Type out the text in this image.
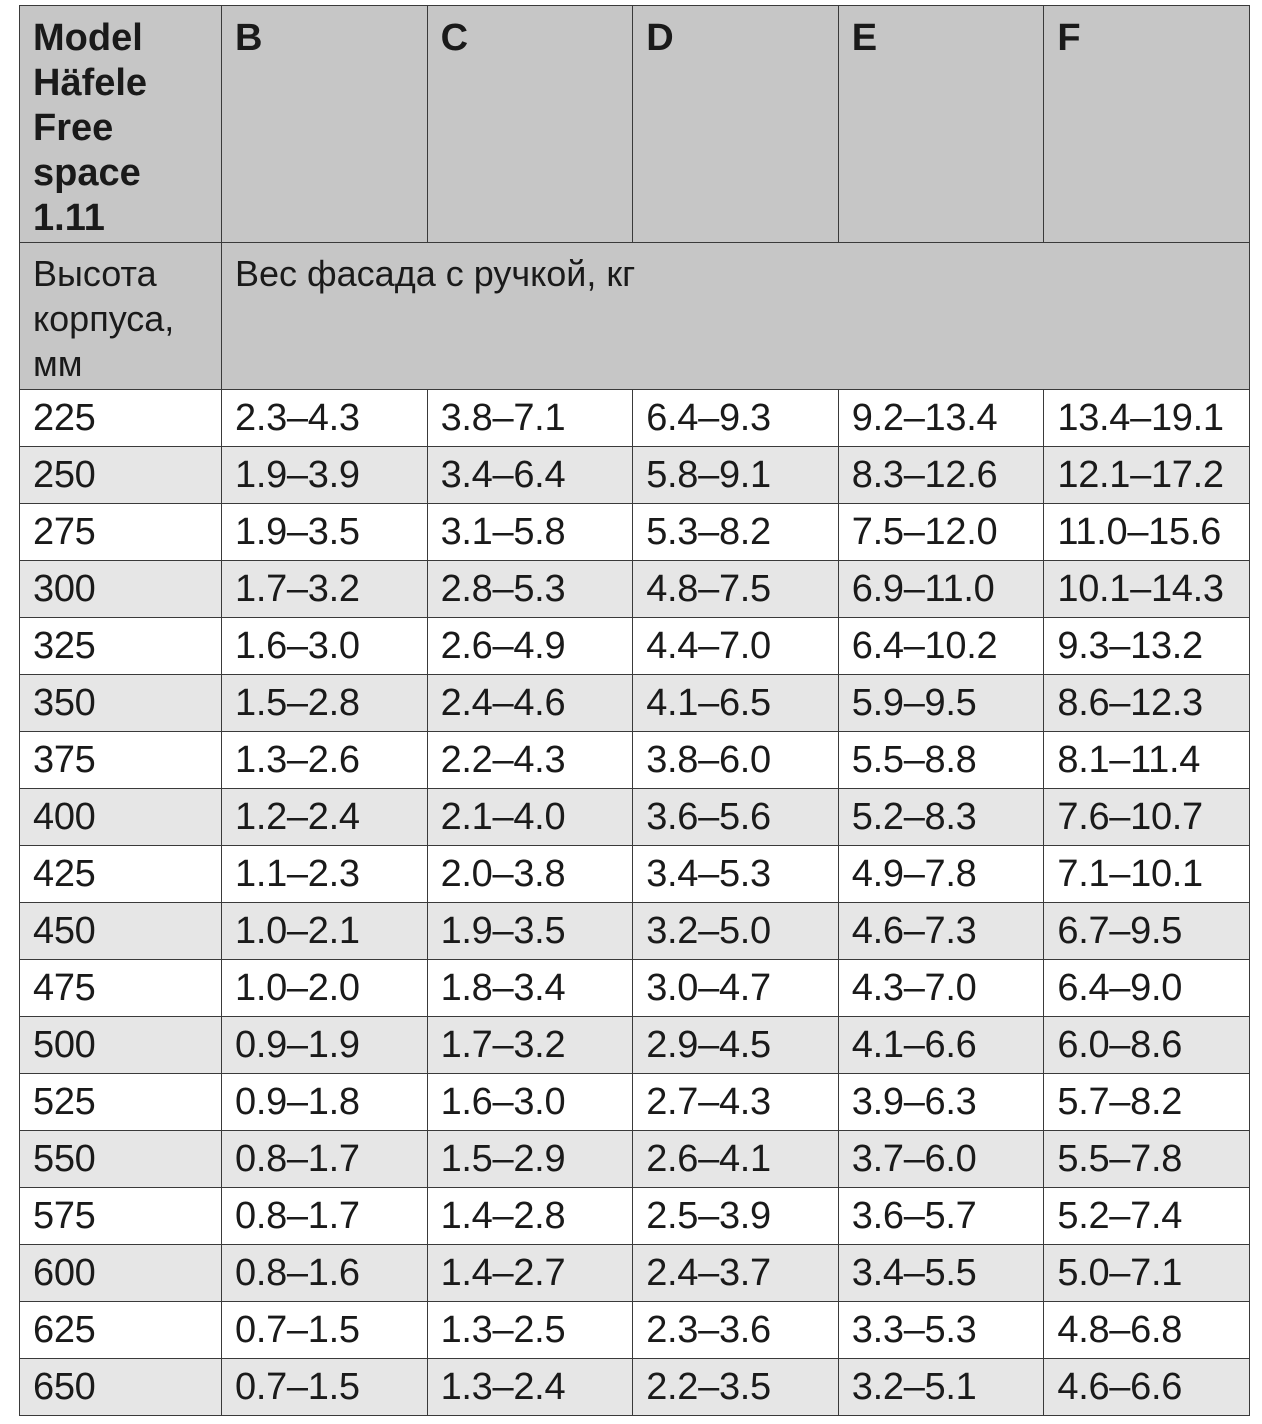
Model Häfele Free space 1.11	B	C	D	E	F
Высота корпуса, мм	Вес фасада с ручкой, кг				
225	2.3–4.3	3.8–7.1	6.4–9.3	9.2–13.4	13.4–19.1
250	1.9–3.9	3.4–6.4	5.8–9.1	8.3–12.6	12.1–17.2
275	1.9–3.5	3.1–5.8	5.3–8.2	7.5–12.0	11.0–15.6
300	1.7–3.2	2.8–5.3	4.8–7.5	6.9–11.0	10.1–14.3
325	1.6–3.0	2.6–4.9	4.4–7.0	6.4–10.2	9.3–13.2
350	1.5–2.8	2.4–4.6	4.1–6.5	5.9–9.5	8.6–12.3
375	1.3–2.6	2.2–4.3	3.8–6.0	5.5–8.8	8.1–11.4
400	1.2–2.4	2.1–4.0	3.6–5.6	5.2–8.3	7.6–10.7
425	1.1–2.3	2.0–3.8	3.4–5.3	4.9–7.8	7.1–10.1
450	1.0–2.1	1.9–3.5	3.2–5.0	4.6–7.3	6.7–9.5
475	1.0–2.0	1.8–3.4	3.0–4.7	4.3–7.0	6.4–9.0
500	0.9–1.9	1.7–3.2	2.9–4.5	4.1–6.6	6.0–8.6
525	0.9–1.8	1.6–3.0	2.7–4.3	3.9–6.3	5.7–8.2
550	0.8–1.7	1.5–2.9	2.6–4.1	3.7–6.0	5.5–7.8
575	0.8–1.7	1.4–2.8	2.5–3.9	3.6–5.7	5.2–7.4
600	0.8–1.6	1.4–2.7	2.4–3.7	3.4–5.5	5.0–7.1
625	0.7–1.5	1.3–2.5	2.3–3.6	3.3–5.3	4.8–6.8
650	0.7–1.5	1.3–2.4	2.2–3.5	3.2–5.1	4.6–6.6
